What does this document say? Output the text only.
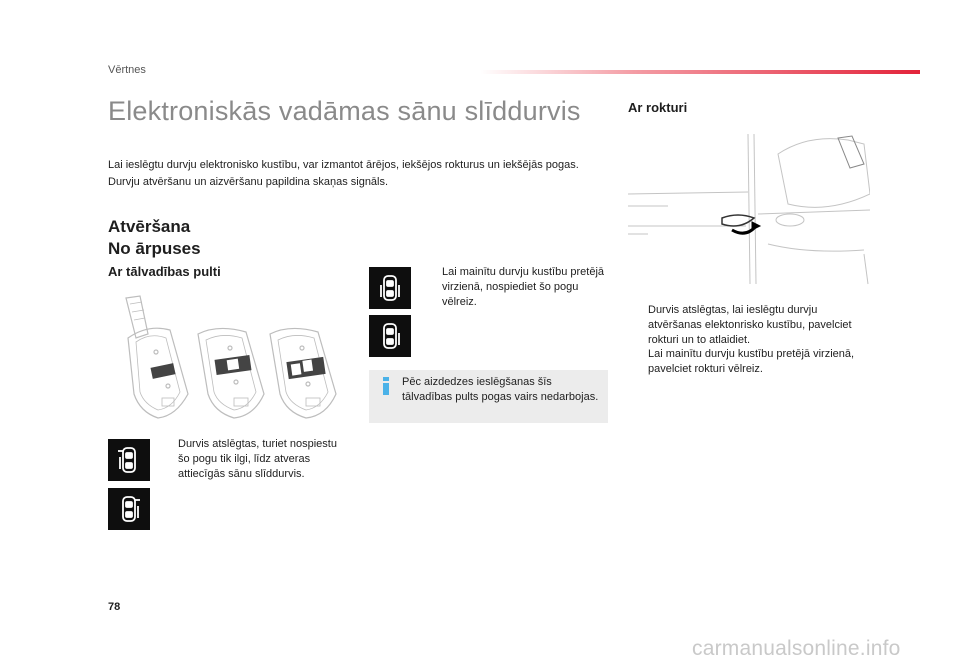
Vērtnes
Elektroniskās vadāmas sānu slīddurvis
Lai ieslēgtu durvju elektronisko kustību, var izmantot ārējos, iekšējos rokturus un iekšējās pogas. Durvju atvēršanu un aizvēršanu papildina skaņas signāls.
Atvēršana
No ārpuses
Ar tālvadības pulti
Durvis atslēgtas, turiet nospiestu šo pogu tik ilgi, līdz atveras attiecīgās sānu slīddurvis.
Lai mainītu durvju kustību pretējā virzienā, nospiediet šo pogu vēlreiz.
Pēc aizdedzes ieslēgšanas šīs tālvadības pults pogas vairs nedarbojas.
Ar rokturi
Durvis atslēgtas, lai ieslēgtu durvju atvēršanas elektonrisko kustību, pavelciet rokturi un to atlaidiet.
Lai mainītu durvju kustību pretējā virzienā, pavelciet rokturi vēlreiz.
78
carmanualsonline.info
